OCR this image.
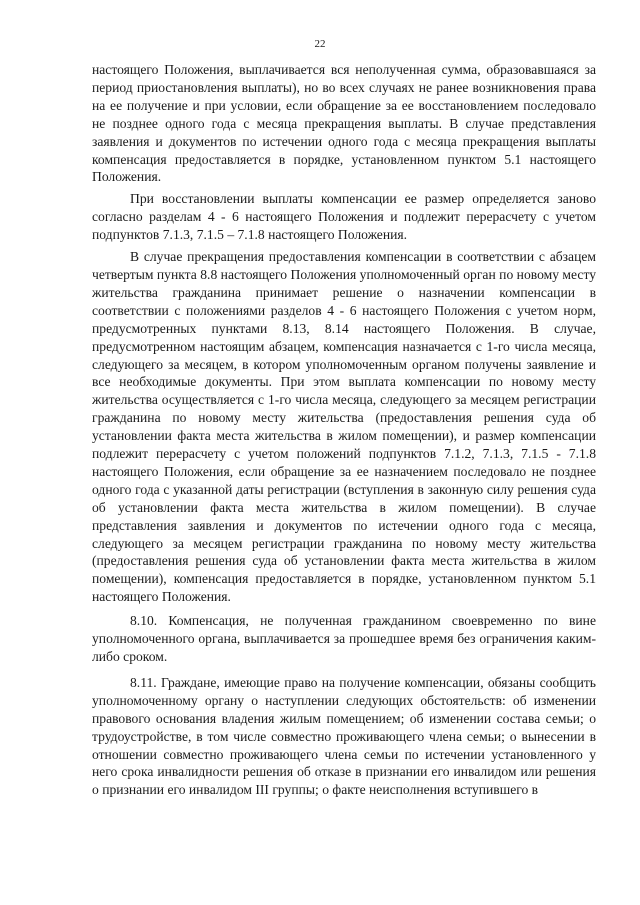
22

настоящего Положения, выплачивается вся неполученная сумма, образовавшаяся за период приостановления выплаты), но во всех случаях не ранее возникновения права на ее получение и при условии, если обращение за ее восстановлением последовало не позднее одного года с месяца прекращения выплаты. В случае представления заявления и документов по истечении одного года с месяца прекращения выплаты компенсация предоставляется в порядке, установленном пунктом 5.1 настоящего Положения.

При восстановлении выплаты компенсации ее размер определяется заново согласно разделам 4 - 6 настоящего Положения и подлежит перерасчету с учетом подпунктов 7.1.3, 7.1.5 – 7.1.8 настоящего Положения.

В случае прекращения предоставления компенсации в соответствии с абзацем четвертым пункта 8.8 настоящего Положения уполномоченный орган по новому месту жительства гражданина принимает решение о назначении компенсации в соответствии с положениями разделов 4 - 6 настоящего Положения с учетом норм, предусмотренных пунктами 8.13, 8.14 настоящего Положения. В случае, предусмотренном настоящим абзацем, компенсация назначается с 1-го числа месяца, следующего за месяцем, в котором уполномоченным органом получены заявление и все необходимые документы. При этом выплата компенсации по новому месту жительства осуществляется с 1-го числа месяца, следующего за месяцем регистрации гражданина по новому месту жительства (предоставления решения суда об установлении факта места жительства в жилом помещении), и размер компенсации подлежит перерасчету с учетом положений подпунктов 7.1.2, 7.1.3, 7.1.5 - 7.1.8 настоящего Положения, если обращение за ее назначением последовало не позднее одного года с указанной даты регистрации (вступления в законную силу решения суда об установлении факта места жительства в жилом помещении). В случае представления заявления и документов по истечении одного года с месяца, следующего за месяцем регистрации гражданина по новому месту жительства (предоставления решения суда об установлении факта места жительства в жилом помещении), компенсация предоставляется в порядке, установленном пунктом 5.1 настоящего Положения.

8.10. Компенсация, не полученная гражданином своевременно по вине уполномоченного органа, выплачивается за прошедшее время без ограничения каким-либо сроком.

8.11. Граждане, имеющие право на получение компенсации, обязаны сообщить уполномоченному органу о наступлении следующих обстоятельств: об изменении правового основания владения жилым помещением; об изменении состава семьи; о трудоустройстве, в том числе совместно проживающего члена семьи; о вынесении в отношении совместно проживающего члена семьи по истечении установленного у него срока инвалидности решения об отказе в признании его инвалидом или решения о признании его инвалидом III группы; о факте неисполнения вступившего в
